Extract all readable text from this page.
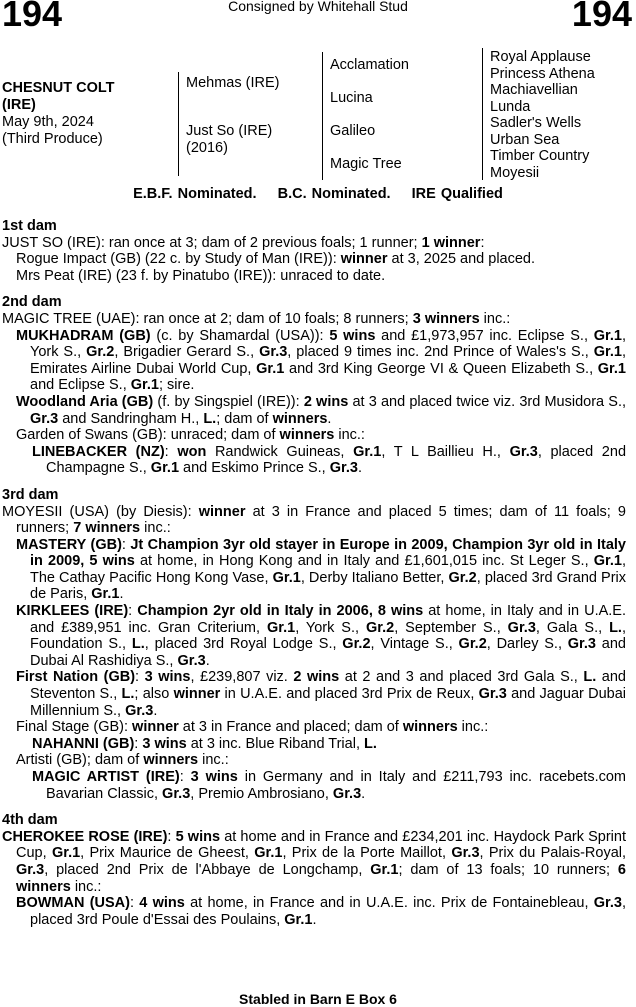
194	Consigned by Whitehall Stud	194
CHESNUT COLT
(IRE)
May 9th, 2024
(Third Produce)
Mehmas (IRE)
Just So (IRE)
(2016)
Acclamation
Lucina
Galileo
Magic Tree
Royal Applause
Princess Athena
Machiavellian
Lunda
Sadler's Wells
Urban Sea
Timber Country
Moyesii
E.B.F. Nominated. B.C. Nominated. IRE Qualified
1st dam

JUST SO (IRE): ran once at 3; dam of 2 previous foals; 1 runner; 1 winner:

Rogue Impact (GB) (22 c. by Study of Man (IRE)): winner at 3, 2025 and placed.

Mrs Peat (IRE) (23 f. by Pinatubo (IRE)): unraced to date.

2nd dam

MAGIC TREE (UAE): ran once at 2; dam of 10 foals; 8 runners; 3 winners inc.:

MUKHADRAM (GB) (c. by Shamardal (USA)): 5 wins and £1,973,957 inc. Eclipse S., Gr.1, York S., Gr.2, Brigadier Gerard S., Gr.3, placed 9 times inc. 2nd Prince of Wales's S., Gr.1, Emirates Airline Dubai World Cup, Gr.1 and 3rd King George VI & Queen Elizabeth S., Gr.1 and Eclipse S., Gr.1; sire.

Woodland Aria (GB) (f. by Singspiel (IRE)): 2 wins at 3 and placed twice viz. 3rd Musidora S., Gr.3 and Sandringham H., L.; dam of winners.

Garden of Swans (GB): unraced; dam of winners inc.:

LINEBACKER (NZ): won Randwick Guineas, Gr.1, T L Baillieu H., Gr.3, placed 2nd Champagne S., Gr.1 and Eskimo Prince S., Gr.3.

3rd dam

MOYESII (USA) (by Diesis): winner at 3 in France and placed 5 times; dam of 11 foals; 9 runners; 7 winners inc.:

MASTERY (GB): Jt Champion 3yr old stayer in Europe in 2009, Champion 3yr old in Italy in 2009, 5 wins at home, in Hong Kong and in Italy and £1,601,015 inc. St Leger S., Gr.1, The Cathay Pacific Hong Kong Vase, Gr.1, Derby Italiano Better, Gr.2, placed 3rd Grand Prix de Paris, Gr.1.

KIRKLEES (IRE): Champion 2yr old in Italy in 2006, 8 wins at home, in Italy and in U.A.E. and £389,951 inc. Gran Criterium, Gr.1, York S., Gr.2, September S., Gr.3, Gala S., L., Foundation S., L., placed 3rd Royal Lodge S., Gr.2, Vintage S., Gr.2, Darley S., Gr.3 and Dubai Al Rashidiya S., Gr.3.

First Nation (GB): 3 wins, £239,807 viz. 2 wins at 2 and 3 and placed 3rd Gala S., L. and Steventon S., L.; also winner in U.A.E. and placed 3rd Prix de Reux, Gr.3 and Jaguar Dubai Millennium S., Gr.3.

Final Stage (GB): winner at 3 in France and placed; dam of winners inc.:

NAHANNI (GB): 3 wins at 3 inc. Blue Riband Trial, L.

Artisti (GB); dam of winners inc.:

MAGIC ARTIST (IRE): 3 wins in Germany and in Italy and £211,793 inc. racebets.com Bavarian Classic, Gr.3, Premio Ambrosiano, Gr.3.

4th dam

CHEROKEE ROSE (IRE): 5 wins at home and in France and £234,201 inc. Haydock Park Sprint Cup, Gr.1, Prix Maurice de Gheest, Gr.1, Prix de la Porte Maillot, Gr.3, Prix du Palais-Royal, Gr.3, placed 2nd Prix de l'Abbaye de Longchamp, Gr.1; dam of 13 foals; 10 runners; 6 winners inc.:

BOWMAN (USA): 4 wins at home, in France and in U.A.E. inc. Prix de Fontainebleau, Gr.3, placed 3rd Poule d'Essai des Poulains, Gr.1.

Stabled in Barn E Box 6
